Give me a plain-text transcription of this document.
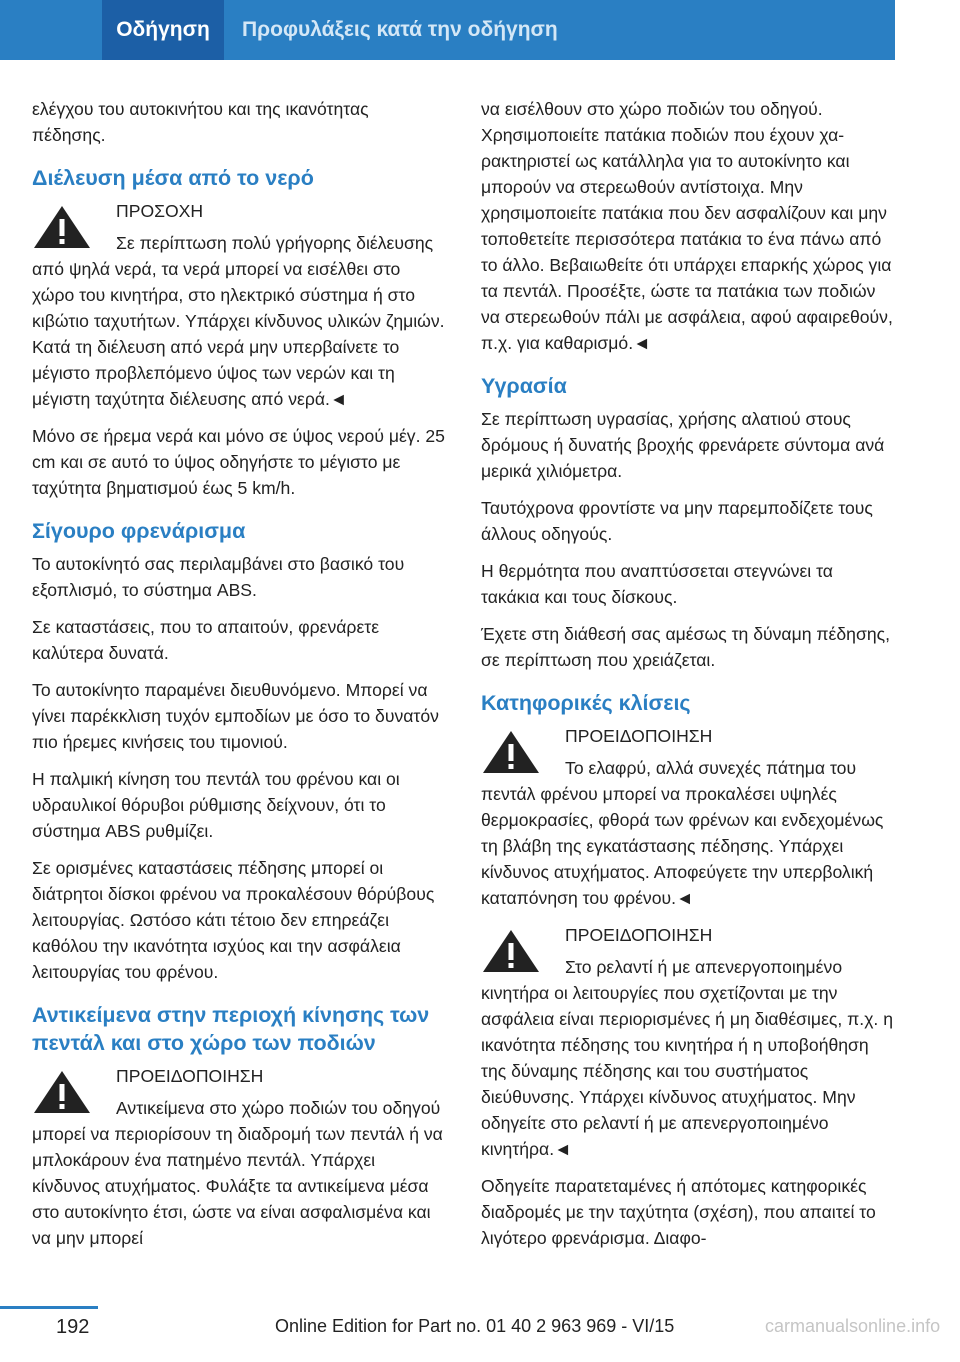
Οδήγηση	Προφυλάξεις κατά την οδήγηση

ελέγχου του αυτοκινήτου και της ικανότητας πέδησης.

Διέλευση μέσα από το νερό
ΠΡΟΣΟΧΗ
Σε περίπτωση πολύ γρήγορης διέλευσης από ψηλά νερά, τα νερά μπορεί να εισέλθει στο χώρο του κινητήρα, στο ηλεκτρικό σύστημα ή στο κιβώτιο ταχυτήτων. Υπάρχει κίνδυνος υλικών ζημιών. Κατά τη διέλευση από νερά μην υπερβαίνετε το μέγιστο προβλεπόμενο ύψος των νερών και τη μέγιστη ταχύτητα διέλευσης από νερά.◄

Μόνο σε ήρεμα νερά και μόνο σε ύψος νερού μέγ. 25 cm και σε αυτό το ύψος οδηγήστε το μέγιστο με ταχύτητα βηματισμού έως 5 km/h.

Σίγουρο φρενάρισμα

Το αυτοκίνητό σας περιλαμβάνει στο βασικό του εξοπλισμό, το σύστημα ABS.

Σε καταστάσεις, που το απαιτούν, φρενάρετε καλύτερα δυνατά.

Το αυτοκίνητο παραμένει διευθυνόμενο. Μπορεί να γίνει παρέκκλιση τυχόν εμποδίων με όσο το δυνατόν πιο ήρεμες κινήσεις του τιμονιού.

Η παλμική κίνηση του πεντάλ του φρένου και οι υδραυλικοί θόρυβοι ρύθμισης δείχνουν, ότι το σύστημα ABS ρυθμίζει.

Σε ορισμένες καταστάσεις πέδησης μπορεί οι διάτρητοι δίσκοι φρένου να προκαλέσουν θόρύβους λειτουργίας. Ωστόσο κάτι τέτοιο δεν επηρεάζει καθόλου την ικανότητα ισχύος και την ασφάλεια λειτουργίας του φρένου.

Αντικείμενα στην περιοχή κίνησης των πεντάλ και στο χώρο των ποδιών
ΠΡΟΕΙΔΟΠΟΙΗΣΗ
Αντικείμενα στο χώρο ποδιών του οδηγού μπορεί να περιορίσουν τη διαδρομή των πεντάλ ή να μπλοκάρουν ένα πατημένο πεντάλ. Υπάρχει κίνδυνος ατυχήματος. Φυλάξτε τα αντικείμενα μέσα στο αυτοκίνητο έτσι, ώστε να είναι ασφαλισμένα και να μην μπορεί

να εισέλθουν στο χώρο ποδιών του οδηγού. Χρησιμοποιείτε πατάκια ποδιών που έχουν χαρακτηριστεί ως κατάλληλα για το αυτοκίνητο και μπορούν να στερεωθούν αντίστοιχα. Μην χρησιμοποιείτε πατάκια που δεν ασφαλίζουν και μην τοποθετείτε περισσότερα πατάκια το ένα πάνω από το άλλο. Βεβαιωθείτε ότι υπάρχει επαρκής χώρος για τα πεντάλ. Προσέξτε, ώστε τα πατάκια των ποδιών να στερεωθούν πάλι με ασφάλεια, αφού αφαιρεθούν, π.χ. για καθαρισμό.◄

Υγρασία

Σε περίπτωση υγρασίας, χρήσης αλατιού στους δρόμους ή δυνατής βροχής φρενάρετε σύντομα ανά μερικά χιλιόμετρα.

Ταυτόχρονα φροντίστε να μην παρεμποδίζετε τους άλλους οδηγούς.

Η θερμότητα που αναπτύσσεται στεγνώνει τα τακάκια και τους δίσκους.

Έχετε στη διάθεσή σας αμέσως τη δύναμη πέδησης, σε περίπτωση που χρειάζεται.

Κατηφορικές κλίσεις
ΠΡΟΕΙΔΟΠΟΙΗΣΗ
Το ελαφρύ, αλλά συνεχές πάτημα του πεντάλ φρένου μπορεί να προκαλέσει υψηλές θερμοκρασίες, φθορά των φρένων και ενδεχομένως τη βλάβη της εγκατάστασης πέδησης. Υπάρχει κίνδυνος ατυχήματος. Αποφεύγετε την υπερβολική καταπόνηση του φρένου.◄
ΠΡΟΕΙΔΟΠΟΙΗΣΗ
Στο ρελαντί ή με απενεργοποιημένο κινητήρα οι λειτουργίες που σχετίζονται με την ασφάλεια είναι περιορισμένες ή μη διαθέσιμες, π.χ. η ικανότητα πέδησης του κινητήρα ή η υποβοήθηση της δύναμης πέδησης και του συστήματος διεύθυνσης. Υπάρχει κίνδυνος ατυχήματος. Μην οδηγείτε στο ρελαντί ή με απενεργοποιημένο κινητήρα.◄

Οδηγείτε παρατεταμένες ή απότομες κατηφορικές διαδρομές με την ταχύτητα (σχέση), που απαιτεί το λιγότερο φρενάρισμα. Διαφο-

192	Online Edition for Part no. 01 40 2 963 969 - VI/15	carmanualsonline.info
